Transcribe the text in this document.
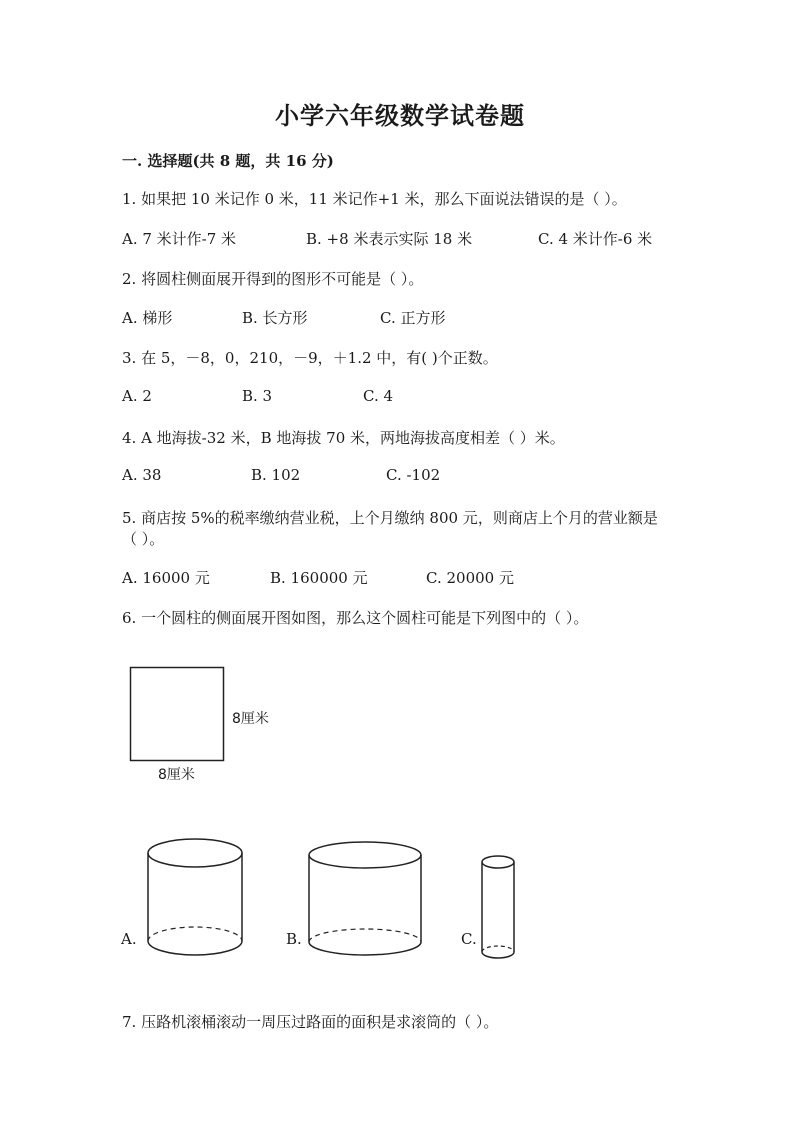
小学六年级数学试卷题
一. 选择题(共 8 题，共 16 分)
1. 如果把 10 米记作 0 米，11 米记作+1 米，那么下面说法错误的是（ ）。
A. 7 米计作-7 米	B. +8 米表示实际 18 米	C. 4 米计作-6 米
2. 将圆柱侧面展开得到的图形不可能是（ ）。
A. 梯形	B. 长方形	C. 正方形
3. 在 5，－8，0，210，－9，＋1.2 中，有( )个正数。
A. 2	B. 3	C. 4
4. A 地海拔-32 米，B 地海拔 70 米，两地海拔高度相差（ ）米。
A. 38	B. 102	C. -102
5. 商店按 5%的税率缴纳营业税，上个月缴纳 800 元，则商店上个月的营业额是
（ ）。
A. 16000 元	B. 160000 元	C. 20000 元
6. 一个圆柱的侧面展开图如图，那么这个圆柱可能是下列图中的（ ）。
8厘米
8厘米
A.	B.	C.
7. 压路机滚桶滚动一周压过路面的面积是求滚筒的（ ）。
